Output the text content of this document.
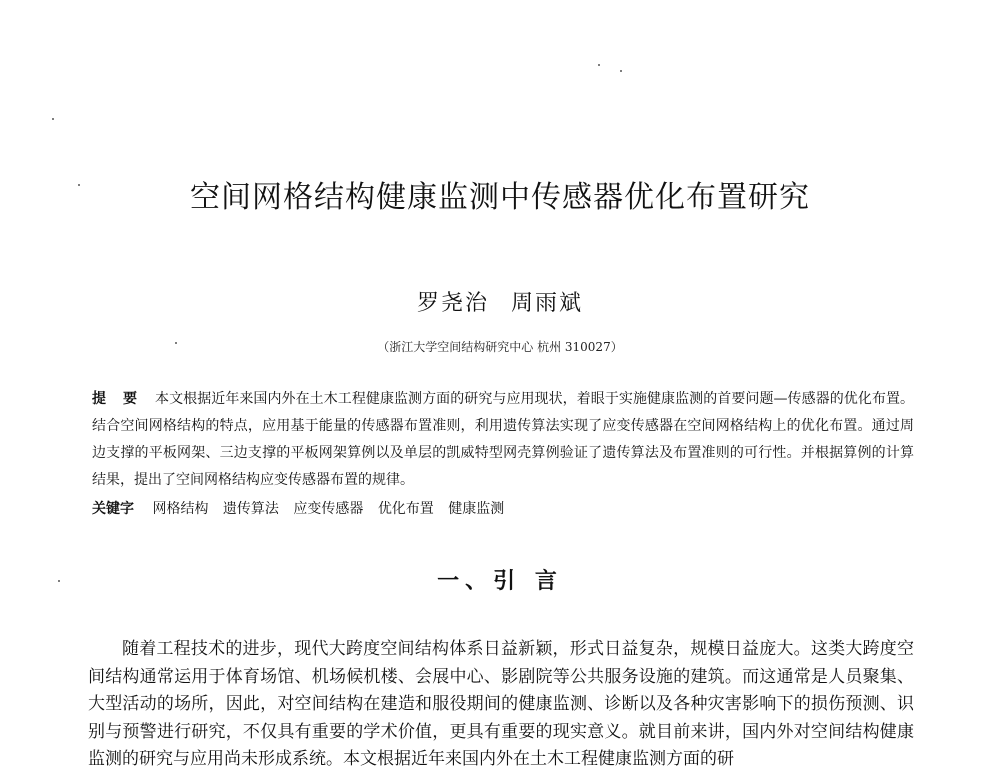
空间网格结构健康监测中传感器优化布置研究
罗尧治 周雨斌
（浙江大学空间结构研究中心 杭州 310027）
提 要 本文根据近年来国内外在土木工程健康监测方面的研究与应用现状，着眼于实施健康监测的首要问题—传感器的优化布置。结合空间网格结构的特点，应用基于能量的传感器布置准则，利用遗传算法实现了应变传感器在空间网格结构上的优化布置。通过周边支撑的平板网架、三边支撑的平板网架算例以及单层的凯威特型网壳算例验证了遗传算法及布置准则的可行性。并根据算例的计算结果，提出了空间网格结构应变传感器布置的规律。
关键字 网格结构 遗传算法 应变传感器 优化布置 健康监测
一、引 言

随着工程技术的进步，现代大跨度空间结构体系日益新颖，形式日益复杂，规模日益庞大。这类大跨度空间结构通常运用于体育场馆、机场候机楼、会展中心、影剧院等公共服务设施的建筑。而这通常是人员聚集、大型活动的场所，因此，对空间结构在建造和服役期间的健康监测、诊断以及各种灾害影响下的损伤预测、识别与预警进行研究，不仅具有重要的学术价值，更具有重要的现实意义。就目前来讲，国内外对空间结构健康监测的研究与应用尚未形成系统。本文根据近年来国内外在土木工程健康监测方面的研
